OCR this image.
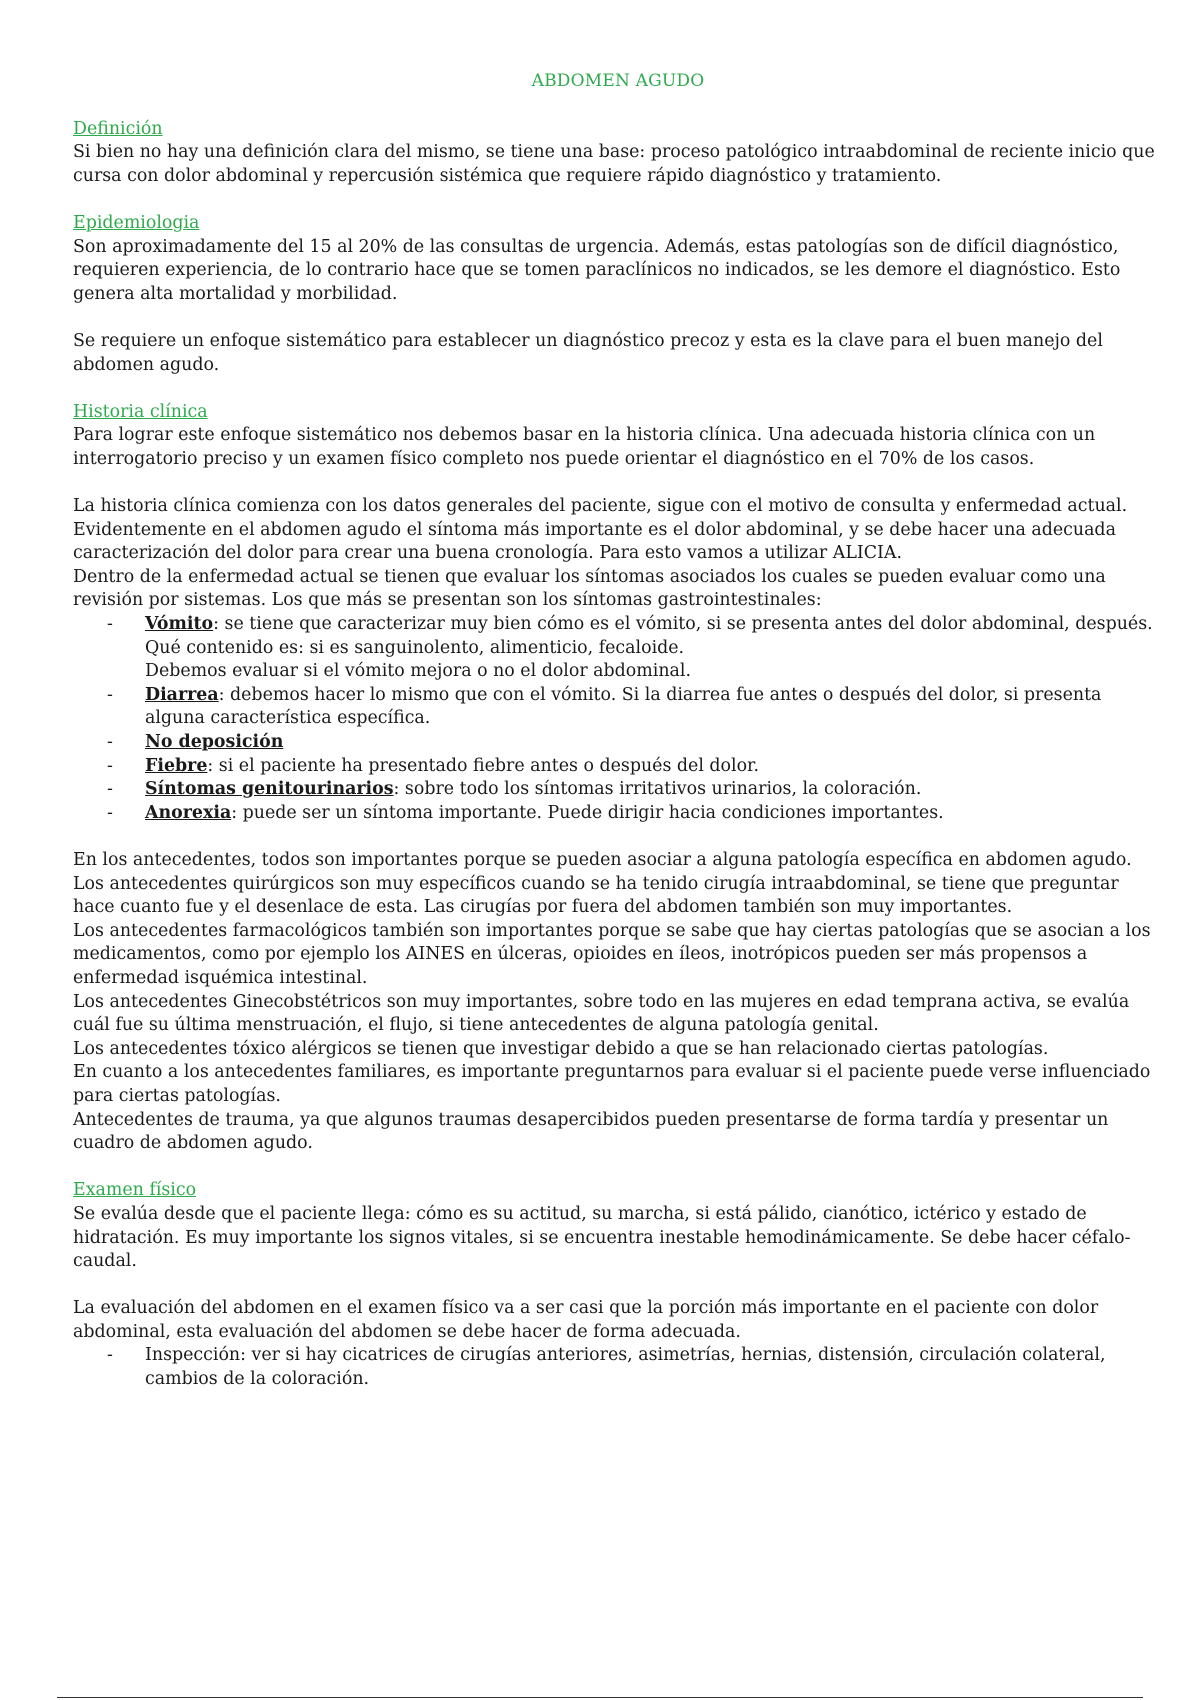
ABDOMEN AGUDO
Definición

Si bien no hay una definición clara del mismo, se tiene una base: proceso patológico intraabdominal de reciente inicio que cursa con dolor abdominal y repercusión sistémica que requiere rápido diagnóstico y tratamiento.

Epidemiologia

Son aproximadamente del 15 al 20% de las consultas de urgencia. Además, estas patologías son de difícil diagnóstico, requieren experiencia, de lo contrario hace que se tomen paraclínicos no indicados, se les demore el diagnóstico. Esto genera alta mortalidad y morbilidad.

Se requiere un enfoque sistemático para establecer un diagnóstico precoz y esta es la clave para el buen manejo del abdomen agudo.

Historia clínica

Para lograr este enfoque sistemático nos debemos basar en la historia clínica. Una adecuada historia clínica con un interrogatorio preciso y un examen físico completo nos puede orientar el diagnóstico en el 70% de los casos.

La historia clínica comienza con los datos generales del paciente, sigue con el motivo de consulta y enfermedad actual. Evidentemente en el abdomen agudo el síntoma más importante es el dolor abdominal, y se debe hacer una adecuada caracterización del dolor para crear una buena cronología. Para esto vamos a utilizar ALICIA.

Dentro de la enfermedad actual se tienen que evaluar los síntomas asociados los cuales se pueden evaluar como una revisión por sistemas. Los que más se presentan son los síntomas gastrointestinales:

- Vómito: se tiene que caracterizar muy bien cómo es el vómito, si se presenta antes del dolor abdominal, después. Qué contenido es: si es sanguinolento, alimenticio, fecaloide.
Debemos evaluar si el vómito mejora o no el dolor abdominal.
- Diarrea: debemos hacer lo mismo que con el vómito. Si la diarrea fue antes o después del dolor, si presenta alguna característica específica.
- No deposición
- Fiebre: si el paciente ha presentado fiebre antes o después del dolor.
- Síntomas genitourinarios: sobre todo los síntomas irritativos urinarios, la coloración.
- Anorexia: puede ser un síntoma importante. Puede dirigir hacia condiciones importantes.

En los antecedentes, todos son importantes porque se pueden asociar a alguna patología específica en abdomen agudo. Los antecedentes quirúrgicos son muy específicos cuando se ha tenido cirugía intraabdominal, se tiene que preguntar hace cuanto fue y el desenlace de esta. Las cirugías por fuera del abdomen también son muy importantes.

Los antecedentes farmacológicos también son importantes porque se sabe que hay ciertas patologías que se asocian a los medicamentos, como por ejemplo los AINES en úlceras, opioides en íleos, inotrópicos pueden ser más propensos a enfermedad isquémica intestinal.

Los antecedentes Ginecobstétricos son muy importantes, sobre todo en las mujeres en edad temprana activa, se evalúa cuál fue su última menstruación, el flujo, si tiene antecedentes de alguna patología genital.

Los antecedentes tóxico alérgicos se tienen que investigar debido a que se han relacionado ciertas patologías.

En cuanto a los antecedentes familiares, es importante preguntarnos para evaluar si el paciente puede verse influenciado para ciertas patologías.

Antecedentes de trauma, ya que algunos traumas desapercibidos pueden presentarse de forma tardía y presentar un cuadro de abdomen agudo.

Examen físico

Se evalúa desde que el paciente llega: cómo es su actitud, su marcha, si está pálido, cianótico, ictérico y estado de hidratación. Es muy importante los signos vitales, si se encuentra inestable hemodinámicamente. Se debe hacer céfalo-caudal.

La evaluación del abdomen en el examen físico va a ser casi que la porción más importante en el paciente con dolor abdominal, esta evaluación del abdomen se debe hacer de forma adecuada.

- Inspección: ver si hay cicatrices de cirugías anteriores, asimetrías, hernias, distensión, circulación colateral, cambios de la coloración.
